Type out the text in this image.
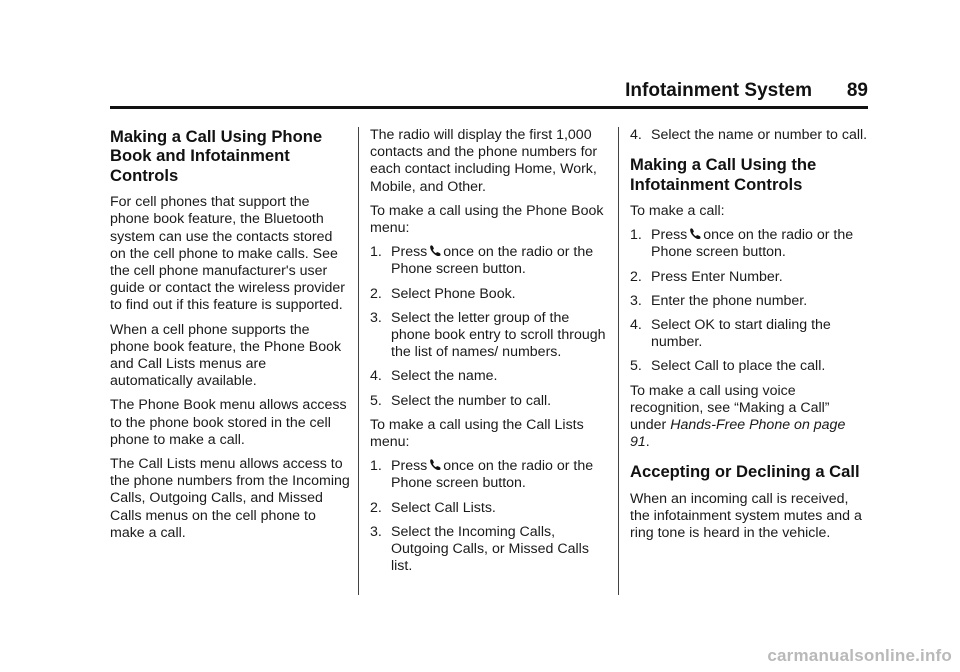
Infotainment System 89
Making a Call Using Phone Book and Infotainment Controls

For cell phones that support the phone book feature, the Bluetooth system can use the contacts stored on the cell phone to make calls. See the cell phone manufacturer's user guide or contact the wireless provider to find out if this feature is supported.

When a cell phone supports the phone book feature, the Phone Book and Call Lists menus are automatically available.

The Phone Book menu allows access to the phone book stored in the cell phone to make a call.

The Call Lists menu allows access to the phone numbers from the Incoming Calls, Outgoing Calls, and Missed Calls menus on the cell phone to make a call.

The radio will display the first 1,000 contacts and the phone numbers for each contact including Home, Work, Mobile, and Other.

To make a call using the Phone Book menu:

1. Press once on the radio or the Phone screen button.
2. Select Phone Book.
3. Select the letter group of the phone book entry to scroll through the list of names/ numbers.
4. Select the name.
5. Select the number to call.

To make a call using the Call Lists menu:

1. Press once on the radio or the Phone screen button.
2. Select Call Lists.
3. Select the Incoming Calls, Outgoing Calls, or Missed Calls list.
4. Select the name or number to call.
Making a Call Using the Infotainment Controls

To make a call:

1. Press once on the radio or the Phone screen button.
2. Press Enter Number.
3. Enter the phone number.
4. Select OK to start dialing the number.
5. Select Call to place the call.

To make a call using voice recognition, see “Making a Call” under Hands-Free Phone on page 91.

Accepting or Declining a Call

When an incoming call is received, the infotainment system mutes and a ring tone is heard in the vehicle.

carmanualsonline.info
